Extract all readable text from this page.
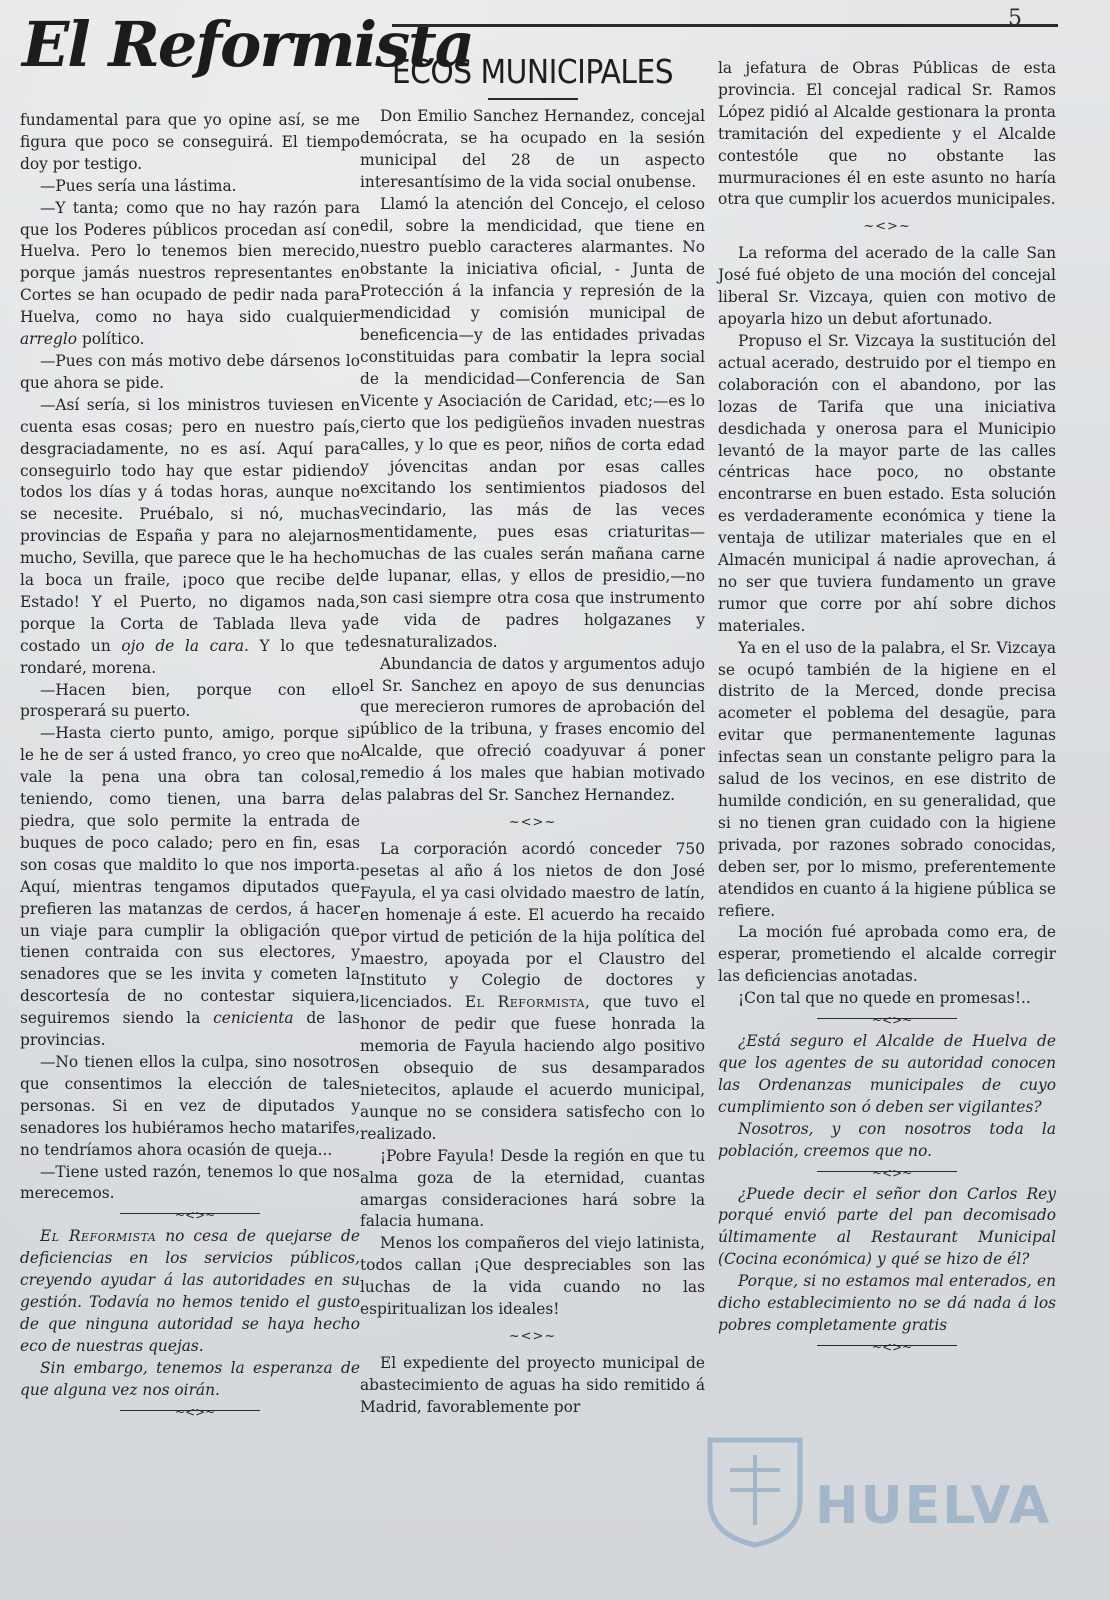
El Reformista	5

fundamental para que yo opine así, se me figura que poco se conseguirá. El tiempo doy por testigo.

—Pues sería una lástima.

—Y tanta; como que no hay razón para que los Poderes públicos procedan así con Huelva. Pero lo tenemos bien merecido, porque jamás nuestros representantes en Cortes se han ocupado de pedir nada para Huelva, como no haya sido cualquier arreglo político.

—Pues con más motivo debe dársenos lo que ahora se pide.

—Así sería, si los ministros tuviesen en cuenta esas cosas; pero en nuestro país, desgraciadamente, no es así. Aquí para conseguirlo todo hay que estar pidiendo todos los días y á todas horas, aunque no se necesite. Pruébalo, si nó, muchas provincias de España y para no alejarnos mucho, Sevilla, que parece que le ha hecho la boca un fraile, ¡poco que recibe del Estado! Y el Puerto, no digamos nada, porque la Corta de Tablada lleva ya costado un ojo de la cara. Y lo que te rondaré, morena.

—Hacen bien, porque con ello prosperará su puerto.

—Hasta cierto punto, amigo, porque si le he de ser á usted franco, yo creo que no vale la pena una obra tan colosal, teniendo, como tienen, una barra de piedra, que solo permite la entrada de buques de poco calado; pero en fin, esas son cosas que maldito lo que nos importa. Aquí, mientras tengamos diputados que prefieren las matanzas de cerdos, á hacer un viaje para cumplir la obligación que tienen contraida con sus electores, y senadores que se les invita y cometen la descortesía de no contestar siquiera, seguiremos siendo la cenicienta de las provincias.

—No tienen ellos la culpa, sino nosotros que consentimos la elección de tales personas. Si en vez de diputados y senadores los hubiéramos hecho matarifes, no tendríamos ahora ocasión de queja...

—Tiene usted razón, tenemos lo que nos merecemos.

~<>~

El Reformista no cesa de quejarse de deficiencias en los servicios públicos, creyendo ayudar á las autoridades en su gestión. Todavía no hemos tenido el gusto de que ninguna autoridad se haya hecho eco de nuestras quejas.

Sin embargo, tenemos la esperanza de que alguna vez nos oirán.

~<>~
ECOS MUNICIPALES

Don Emilio Sanchez Hernandez, concejal demócrata, se ha ocupado en la sesión municipal del 28 de un aspecto interesantísimo de la vida social onubense.

Llamó la atención del Concejo, el celoso edil, sobre la mendicidad, que tiene en nuestro pueblo caracteres alarmantes. No obstante la iniciativa oficial, - Junta de Protección á la infancia y represión de la mendicidad y comisión municipal de beneficencia—y de las entidades privadas constituidas para combatir la lepra social de la mendicidad—Conferencia de San Vicente y Asociación de Caridad, etc;—es lo cierto que los pedigüeños invaden nuestras calles, y lo que es peor, niños de corta edad y jóvencitas andan por esas calles excitando los sentimientos piadosos del vecindario, las más de las veces mentidamente, pues esas criaturitas—muchas de las cuales serán mañana carne de lupanar, ellas, y ellos de presidio,—no son casi siempre otra cosa que instrumento de vida de padres holgazanes y desnaturalizados.

Abundancia de datos y argumentos adujo el Sr. Sanchez en apoyo de sus denuncias que merecieron rumores de aprobación del público de la tribuna, y frases encomio del Alcalde, que ofreció coadyuvar á poner remedio á los males que habian motivado las palabras del Sr. Sanchez Hernandez.

~<>~

La corporación acordó conceder 750 pesetas al año á los nietos de don José Fayula, el ya casi olvidado maestro de latín, en homenaje á este. El acuerdo ha recaido por virtud de petición de la hija política del maestro, apoyada por el Claustro del Instituto y Colegio de doctores y licenciados. El Reformista, que tuvo el honor de pedir que fuese honrada la memoria de Fayula haciendo algo positivo en obsequio de sus desamparados nietecitos, aplaude el acuerdo municipal, aunque no se considera satisfecho con lo realizado.

¡Pobre Fayula! Desde la región en que tu alma goza de la eternidad, cuantas amargas consideraciones hará sobre la falacia humana.

Menos los compañeros del viejo latinista, todos callan ¡Que despreciables son las luchas de la vida cuando no las espiritualizan los ideales!

~<>~

El expediente del proyecto municipal de abastecimiento de aguas ha sido remitido á Madrid, favorablemente por

la jefatura de Obras Públicas de esta provincia. El concejal radical Sr. Ramos López pidió al Alcalde gestionara la pronta tramitación del expediente y el Alcalde contestóle que no obstante las murmuraciones él en este asunto no haría otra que cumplir los acuerdos municipales.

~<>~

La reforma del acerado de la calle San José fué objeto de una moción del concejal liberal Sr. Vizcaya, quien con motivo de apoyarla hizo un debut afortunado.

Propuso el Sr. Vizcaya la sustitución del actual acerado, destruido por el tiempo en colaboración con el abandono, por las lozas de Tarifa que una iniciativa desdichada y onerosa para el Municipio levantó de la mayor parte de las calles céntricas hace poco, no obstante encontrarse en buen estado. Esta solución es verdaderamente económica y tiene la ventaja de utilizar materiales que en el Almacén municipal á nadie aprovechan, á no ser que tuviera fundamento un grave rumor que corre por ahí sobre dichos materiales.

Ya en el uso de la palabra, el Sr. Vizcaya se ocupó también de la higiene en el distrito de la Merced, donde precisa acometer el poblema del desagüe, para evitar que permanentemente lagunas infectas sean un constante peligro para la salud de los vecinos, en ese distrito de humilde condición, en su generalidad, que si no tienen gran cuidado con la higiene privada, por razones sobrado conocidas, deben ser, por lo mismo, preferentemente atendidos en cuanto á la higiene pública se refiere.

La moción fué aprobada como era, de esperar, prometiendo el alcalde corregir las deficiencias anotadas.

¡Con tal que no quede en promesas!..

~<>~

¿Está seguro el Alcalde de Huelva de que los agentes de su autoridad conocen las Ordenanzas municipales de cuyo cumplimiento son ó deben ser vigilantes?

Nosotros, y con nosotros toda la población, creemos que no.

~<>~

¿Puede decir el señor don Carlos Rey porqué envió parte del pan decomisado últimamente al Restaurant Municipal (Cocina económica) y qué se hizo de él?

Porque, si no estamos mal enterados, en dicho establecimiento no se dá nada á los pobres completamente gratis

~<>~
HUELVA
